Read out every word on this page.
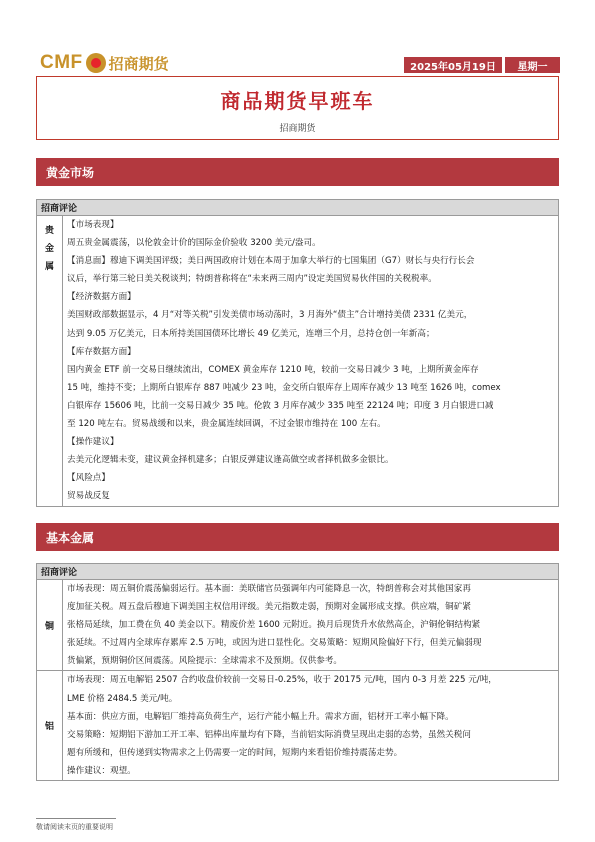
CMF 招商期货	2025年05月19日	星期一
商品期货早班车
招商期货
黄金市场
招商评论
贵
金
属
【市场表现】
周五贵金属震荡，以伦敦金计价的国际金价验收 3200 美元/盎司。
【消息面】穆迪下调美国评级；美日两国政府计划在本周于加拿大举行的七国集团（G7）财长与央行行长会
议后，举行第三轮日美关税谈判；特朗普称将在“未来两三周内”设定美国贸易伙伴国的关税税率。
【经济数据方面】
美国财政部数据显示，4 月“对等关税”引发美债市场动荡时，3 月海外“债主”合计增持美债 2331 亿美元，
达到 9.05 万亿美元，日本所持美国国债环比增长 49 亿美元，连增三个月，总持仓创一年新高；
【库存数据方面】
国内黄金 ETF 前一交易日继续流出，COMEX 黄金库存 1210 吨，较前一交易日减少 3 吨，上期所黄金库存
15 吨，维持不变；上期所白银库存 887 吨减少 23 吨，金交所白银库存上周库存减少 13 吨至 1626 吨，comex
白银库存 15606 吨，比前一交易日减少 35 吨。伦敦 3 月库存减少 335 吨至 22124 吨；印度 3 月白银进口减
至 120 吨左右。贸易战缓和以来，贵金属连续回调，不过金银市维持在 100 左右。
【操作建议】
去美元化逻辑未变，建议黄金择机建多；白银反弹建议逢高做空或者择机做多金银比。
【风险点】
贸易战反复
基本金属
招商评论
铜
市场表现：周五铜价震荡偏弱运行。基本面：美联储官员强调年内可能降息一次，特朗普称会对其他国家再
度加征关税。周五盘后穆迪下调美国主权信用评级。美元指数走弱，预期对金属形成支撑。供应端，铜矿紧
张格局延续，加工费在负 40 美金以下。精废价差 1600 元附近。换月后现货升水依然高企，沪铜伦铜结构紧
张延续。不过周内全球库存累库 2.5 万吨，或因为进口显性化。交易策略：短期风险偏好下行，但美元偏弱现
货偏紧，预期铜价区间震荡。风险提示：全球需求不及预期。仅供参考。
铝
市场表现：周五电解铝 2507 合约收盘价较前一交易日-0.25%，收于 20175 元/吨，国内 0-3 月差 225 元/吨，
LME 价格 2484.5 美元/吨。
基本面：供应方面，电解铝厂维持高负荷生产，运行产能小幅上升。需求方面，铝材开工率小幅下降。
交易策略：短期铝下游加工开工率、铝棒出库量均有下降，当前铝实际消费呈现出走弱的态势，虽然关税问
题有所缓和，但传递到实物需求之上仍需要一定的时间，短期内来看铝价维持震荡走势。
操作建议：观望。
敬请阅读末页的重要说明
